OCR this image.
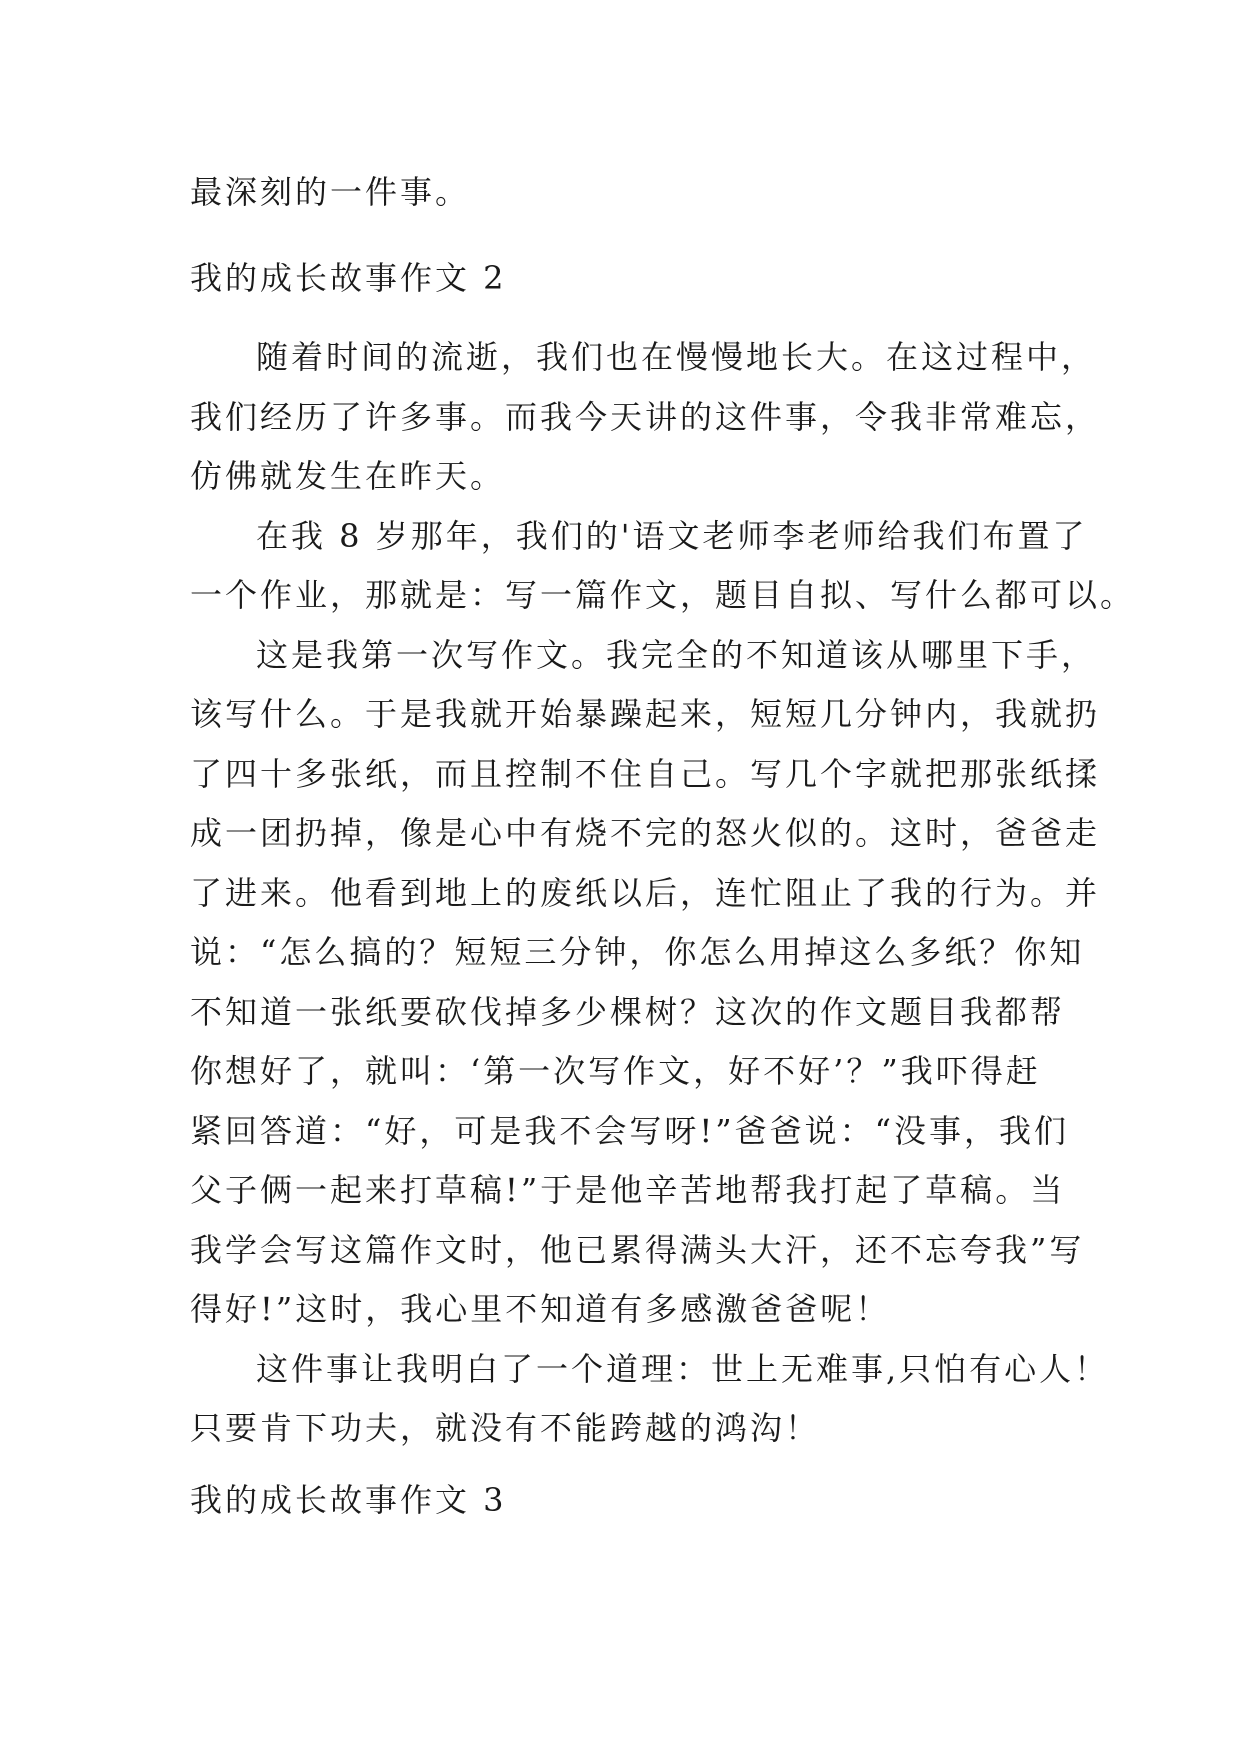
最深刻的一件事。
我的成长故事作文 2
随着时间的流逝，我们也在慢慢地长大。在这过程中，
我们经历了许多事。而我今天讲的这件事，令我非常难忘，
仿佛就发生在昨天。
在我 8 岁那年，我们的'语文老师李老师给我们布置了
一个作业，那就是：写一篇作文，题目自拟、写什么都可以。
这是我第一次写作文。我完全的不知道该从哪里下手，
该写什么。于是我就开始暴躁起来，短短几分钟内，我就扔
了四十多张纸，而且控制不住自己。写几个字就把那张纸揉
成一团扔掉，像是心中有烧不完的怒火似的。这时，爸爸走
了进来。他看到地上的废纸以后，连忙阻止了我的行为。并
说：“怎么搞的？短短三分钟，你怎么用掉这么多纸？你知
不知道一张纸要砍伐掉多少棵树？这次的作文题目我都帮
你想好了，就叫：‘第一次写作文，好不好’？”我吓得赶
紧回答道：“好，可是我不会写呀!”爸爸说：“没事，我们
父子俩一起来打草稿!”于是他辛苦地帮我打起了草稿。当
我学会写这篇作文时，他已累得满头大汗，还不忘夸我”写
得好!”这时，我心里不知道有多感激爸爸呢！
这件事让我明白了一个道理：世上无难事,只怕有心人！
只要肯下功夫，就没有不能跨越的鸿沟！
我的成长故事作文 3
